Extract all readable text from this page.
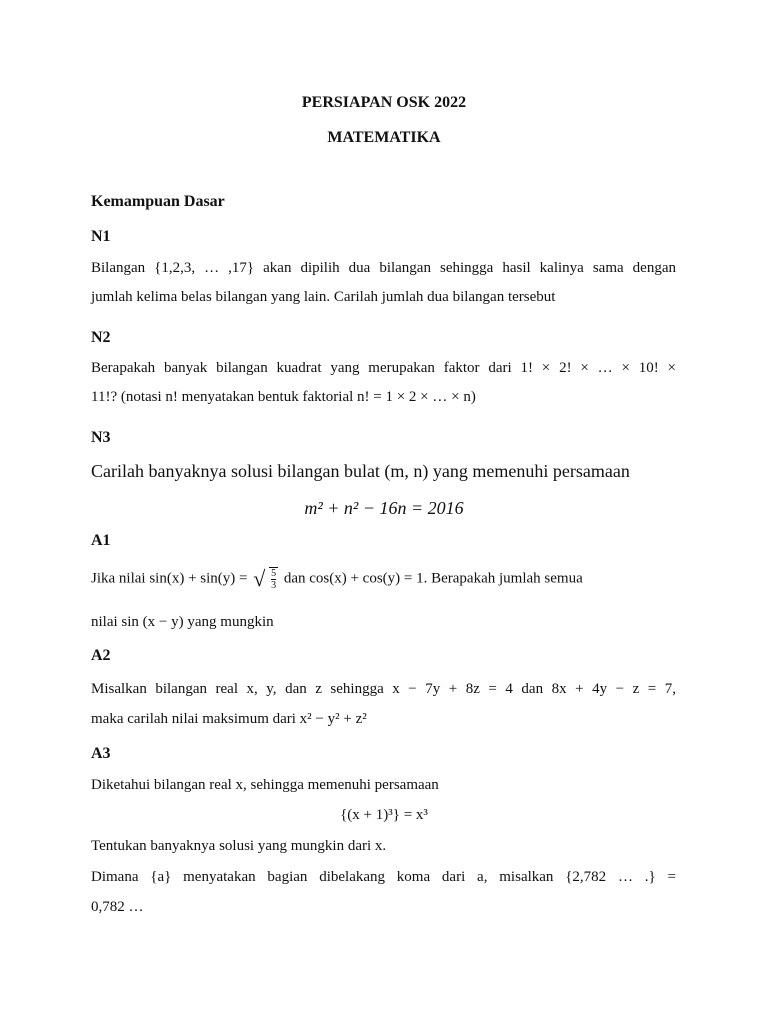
PERSIAPAN OSK 2022
MATEMATIKA
Kemampuan Dasar
N1
Bilangan {1,2,3, … ,17} akan dipilih dua bilangan sehingga hasil kalinya sama dengan
jumlah kelima belas bilangan yang lain. Carilah jumlah dua bilangan tersebut
N2
Berapakah banyak bilangan kuadrat yang merupakan faktor dari 1! × 2! × … × 10! ×
11!? (notasi n! menyatakan bentuk faktorial n! = 1 × 2 × … × n)
N3
Carilah banyaknya solusi bilangan bulat (m, n) yang memenuhi persamaan
m² + n² − 16n = 2016
A1
Jika nilai sin(x) + sin(y) = √ $\frac{5}{3}$ dan cos(x) + cos(y) = 1. Berapakah jumlah semua
nilai sin (x − y) yang mungkin
A2
Misalkan bilangan real x, y, dan z sehingga x − 7y + 8z = 4 dan 8x + 4y − z = 7,
maka carilah nilai maksimum dari x² − y² + z²
A3
Diketahui bilangan real x, sehingga memenuhi persamaan
{(x + 1)³} = x³
Tentukan banyaknya solusi yang mungkin dari x.
Dimana {a} menyatakan bagian dibelakang koma dari a, misalkan {2,782 … .} =
0,782 …
